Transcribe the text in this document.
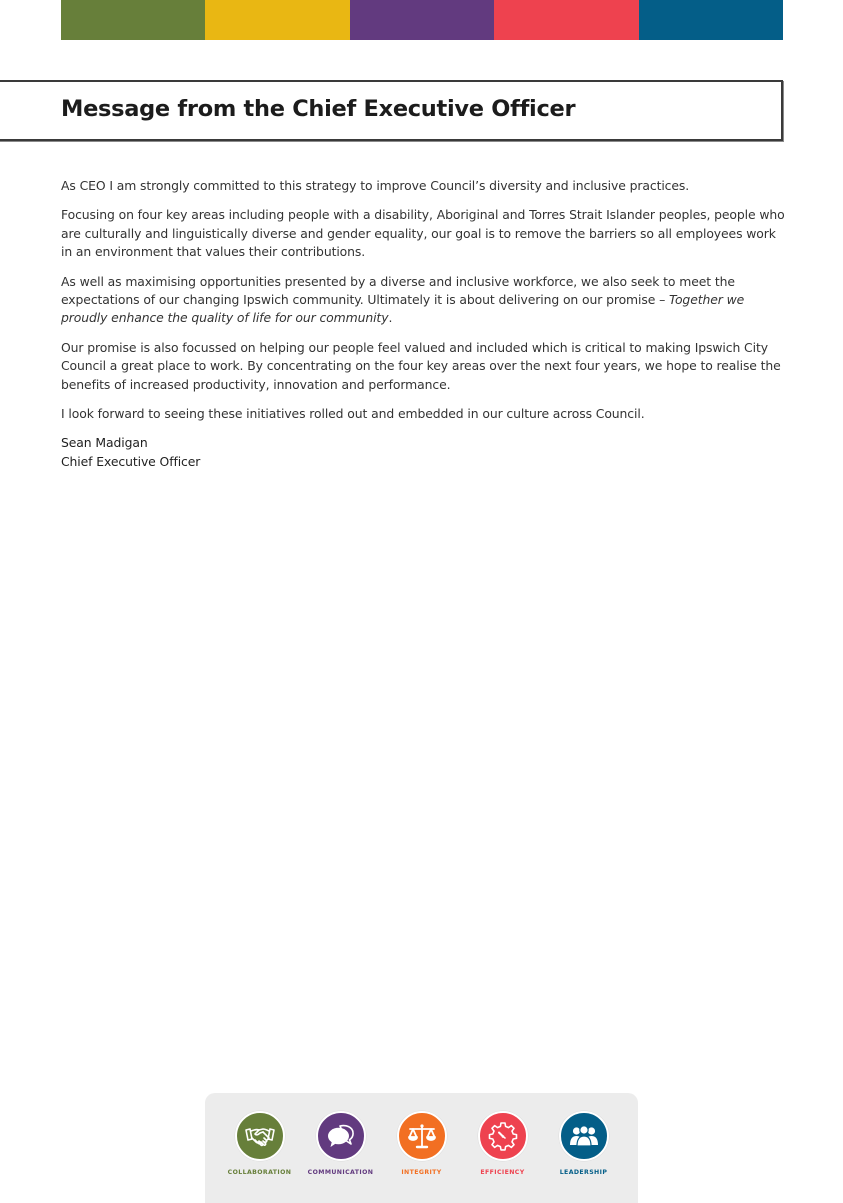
Message from the Chief Executive Officer

As CEO I am strongly committed to this strategy to improve Council’s diversity and inclusive practices.

Focusing on four key areas including people with a disability, Aboriginal and Torres Strait Islander peoples, people who are culturally and linguistically diverse and gender equality, our goal is to remove the barriers so all employees work in an environment that values their contributions.

As well as maximising opportunities presented by a diverse and inclusive workforce, we also seek to meet the expectations of our changing Ipswich community. Ultimately it is about delivering on our promise – Together we proudly enhance the quality of life for our community.

Our promise is also focussed on helping our people feel valued and included which is critical to making Ipswich City Council a great place to work. By concentrating on the four key areas over the next four years, we hope to realise the benefits of increased productivity, innovation and performance.

I look forward to seeing these initiatives rolled out and embedded in our culture across Council.

Sean Madigan
Chief Executive Officer
COLLABORATION	COMMUNICATION	INTEGRITY	EFFICIENCY	LEADERSHIP
